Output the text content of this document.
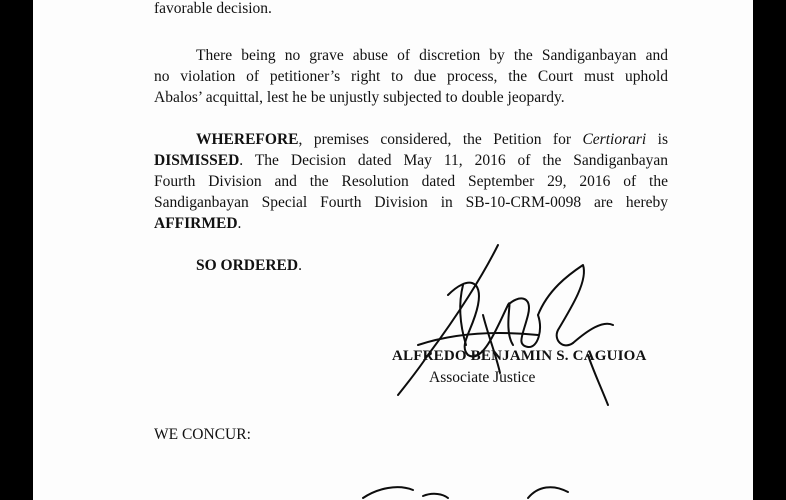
favorable decision.
There being no grave abuse of discretion by the Sandiganbayan and
no violation of petitioner’s right to due process, the Court must uphold
Abalos’ acquittal, lest he be unjustly subjected to double jeopardy.
WHEREFORE, premises considered, the Petition for Certiorari is
DISMISSED. The Decision dated May 11, 2016 of the Sandiganbayan
Fourth Division and the Resolution dated September 29, 2016 of the
Sandiganbayan Special Fourth Division in SB-10-CRM-0098 are hereby
AFFIRMED.
SO ORDERED.
ALFREDO BENJAMIN S. CAGUIOA
Associate Justice
WE CONCUR:
